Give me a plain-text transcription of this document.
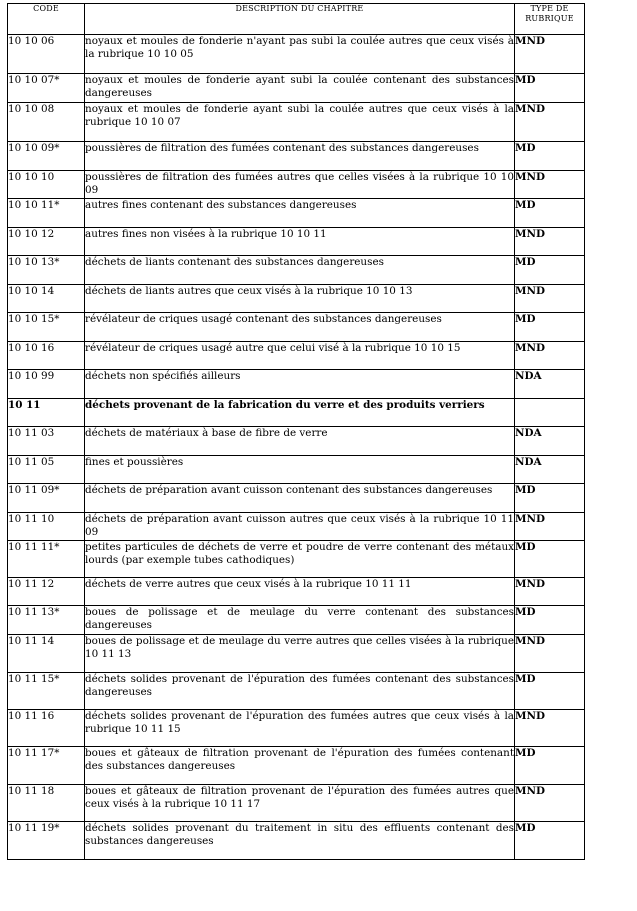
CODE	DESCRIPTION DU CHAPITRE	TYPE DE RUBRIQUE
10 10 06	noyaux et moules de fonderie n'ayant pas subi la coulée autres que ceux visés à la rubrique 10 10 05	MND
10 10 07*	noyaux et moules de fonderie ayant subi la coulée contenant des substances dangereuses	MD
10 10 08	noyaux et moules de fonderie ayant subi la coulée autres que ceux visés à la rubrique 10 10 07	MND
10 10 09*	poussières de filtration des fumées contenant des substances dangereuses	MD
10 10 10	poussières de filtration des fumées autres que celles visées à la rubrique 10 10 09	MND
10 10 11*	autres fines contenant des substances dangereuses	MD
10 10 12	autres fines non visées à la rubrique 10 10 11	MND
10 10 13*	déchets de liants contenant des substances dangereuses	MD
10 10 14	déchets de liants autres que ceux visés à la rubrique 10 10 13	MND
10 10 15*	révélateur de criques usagé contenant des substances dangereuses	MD
10 10 16	révélateur de criques usagé autre que celui visé à la rubrique 10 10 15	MND
10 10 99	déchets non spécifiés ailleurs	NDA
10 11	déchets provenant de la fabrication du verre et des produits verriers	
10 11 03	déchets de matériaux à base de fibre de verre	NDA
10 11 05	fines et poussières	NDA
10 11 09*	déchets de préparation avant cuisson contenant des substances dangereuses	MD
10 11 10	déchets de préparation avant cuisson autres que ceux visés à la rubrique 10 11 09	MND
10 11 11*	petites particules de déchets de verre et poudre de verre contenant des métaux lourds (par exemple tubes cathodiques)	MD
10 11 12	déchets de verre autres que ceux visés à la rubrique 10 11 11	MND
10 11 13*	boues de polissage et de meulage du verre contenant des substances dangereuses	MD
10 11 14	boues de polissage et de meulage du verre autres que celles visées à la rubrique 10 11 13	MND
10 11 15*	déchets solides provenant de l'épuration des fumées contenant des substances dangereuses	MD
10 11 16	déchets solides provenant de l'épuration des fumées autres que ceux visés à la rubrique 10 11 15	MND
10 11 17*	boues et gâteaux de filtration provenant de l'épuration des fumées contenant des substances dangereuses	MD
10 11 18	boues et gâteaux de filtration provenant de l'épuration des fumées autres que ceux visés à la rubrique 10 11 17	MND
10 11 19*	déchets solides provenant du traitement in situ des effluents contenant des substances dangereuses	MD
